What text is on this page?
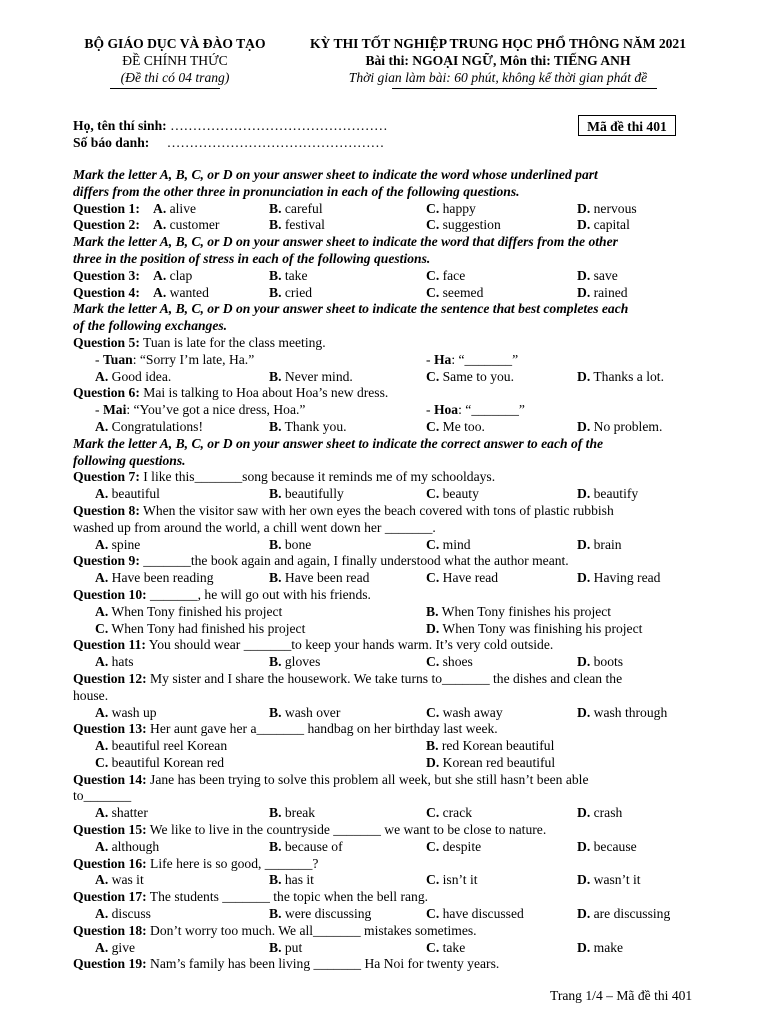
BỘ GIÁO DỤC VÀ ĐÀO TẠO
ĐỀ CHÍNH THỨC
(Đề thi có 04 trang)
KỲ THI TỐT NGHIỆP TRUNG HỌC PHỔ THÔNG NĂM 2021
Bài thi: NGOẠI NGỮ, Môn thi: TIẾNG ANH
Thời gian làm bài: 60 phút, không kể thời gian phát đề
Họ, tên thí sinh: …………………………………………
Số báo danh: …………………………………………
Mã đề thi 401
Mark the letter A, B, C, or D on your answer sheet to indicate the word whose underlined part
differs from the other three in pronunciation in each of the following questions.
Question 1: A. alive	B. careful	C. happy	D. nervous
Question 2: A. customer	B. festival	C. suggestion	D. capital
Mark the letter A, B, C, or D on your answer sheet to indicate the word that differs from the other
three in the position of stress in each of the following questions.
Question 3: A. clap	B. take	C. face	D. save
Question 4: A. wanted	B. cried	C. seemed	D. rained
Mark the letter A, B, C, or D on your answer sheet to indicate the sentence that best completes each
of the following exchanges.
Question 5: Tuan is late for the class meeting.
- Tuan: “Sorry I’m late, Ha.”	- Ha: “_______”
A. Good idea.	B. Never mind.	C. Same to you.	D. Thanks a lot.
Question 6: Mai is talking to Hoa about Hoa’s new dress.
- Mai: “You’ve got a nice dress, Hoa.”	- Hoa: “_______”
A. Congratulations!	B. Thank you.	C. Me too.	D. No problem.
Mark the letter A, B, C, or D on your answer sheet to indicate the correct answer to each of the
following questions.
Question 7: I like this_______song because it reminds me of my schooldays.
A. beautiful	B. beautifully	C. beauty	D. beautify
Question 8: When the visitor saw with her own eyes the beach covered with tons of plastic rubbish
washed up from around the world, a chill went down her _______.
A. spine	B. bone	C. mind	D. brain
Question 9: _______the book again and again, I finally understood what the author meant.
A. Have been reading	B. Have been read	C. Have read	D. Having read
Question 10: _______, he will go out with his friends.
A. When Tony finished his project	B. When Tony finishes his project
C. When Tony had finished his project	D. When Tony was finishing his project
Question 11: You should wear _______to keep your hands warm. It’s very cold outside.
A. hats	B. gloves	C. shoes	D. boots
Question 12: My sister and I share the housework. We take turns to_______ the dishes and clean the
house.
A. wash up	B. wash over	C. wash away	D. wash through
Question 13: Her aunt gave her a_______ handbag on her birthday last week.
A. beautiful reel Korean	B. red Korean beautiful
C. beautiful Korean red	D. Korean red beautiful
Question 14: Jane has been trying to solve this problem all week, but she still hasn’t been able
to_______
A. shatter	B. break	C. crack	D. crash
Question 15: We like to live in the countryside _______ we want to be close to nature.
A. although	B. because of	C. despite	D. because
Question 16: Life here is so good, _______?
A. was it	B. has it	C. isn’t it	D. wasn’t it
Question 17: The students _______ the topic when the bell rang.
A. discuss	B. were discussing	C. have discussed	D. are discussing
Question 18: Don’t worry too much. We all_______ mistakes sometimes.
A. give	B. put	C. take	D. make
Question 19: Nam’s family has been living _______ Ha Noi for twenty years.
Trang 1/4 – Mã đề thi 401
